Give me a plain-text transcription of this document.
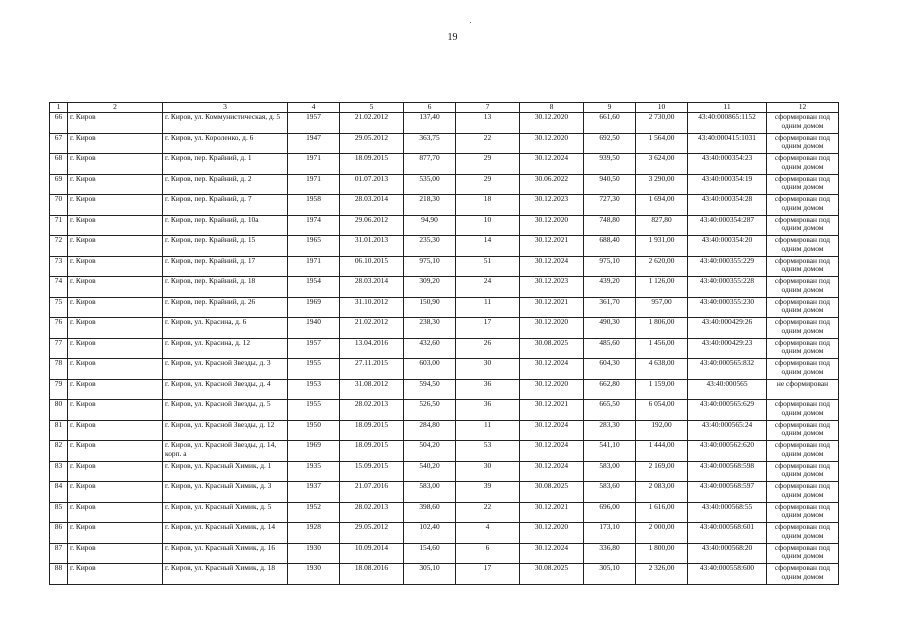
19
1	2	3	4	5	6	7	8	9	10	11	12
66	г. Киров	г. Киров, ул. Коммунистическая, д. 5	1957	21.02.2012	137,40	13	30.12.2020	661,60	2 730,00	43:40:000865:1152	сформирован под одним домом
67	г. Киров	г. Киров, ул. Короленко, д. 6	1947	29.05.2012	363,75	22	30.12.2020	692,50	1 564,00	43:40:000415:1031	сформирован под одним домом
68	г. Киров	г. Киров, пер. Крайний, д. 1	1971	18.09.2015	877,70	29	30.12.2024	939,50	3 624,00	43:40:000354:23	сформирован под одним домом
69	г. Киров	г. Киров, пер. Крайний, д. 2	1971	01.07.2013	535,00	29	30.06.2022	940,50	3 290,00	43:40:000354:19	сформирован под одним домом
70	г. Киров	г. Киров, пер. Крайний, д. 7	1958	28.03.2014	218,30	18	30.12.2023	727,30	1 694,00	43:40:000354:28	сформирован под одним домом
71	г. Киров	г. Киров, пер. Крайний, д. 10а	1974	29.06.2012	94,90	10	30.12.2020	748,80	827,80	43:40:000354:287	сформирован под одним домом
72	г. Киров	г. Киров, пер. Крайний, д. 15	1965	31.01.2013	235,30	14	30.12.2021	688,40	1 931,00	43:40:000354:20	сформирован под одним домом
73	г. Киров	г. Киров, пер. Крайний, д. 17	1971	06.10.2015	975,10	51	30.12.2024	975,10	2 620,00	43:40:000355:229	сформирован под одним домом
74	г. Киров	г. Киров, пер. Крайний, д. 18	1954	28.03.2014	309,20	24	30.12.2023	439,20	1 126,00	43:40:000355:228	сформирован под одним домом
75	г. Киров	г. Киров, пер. Крайний, д. 26	1969	31.10.2012	150,90	11	30.12.2021	361,70	957,00	43:40:000355:230	сформирован под одним домом
76	г. Киров	г. Киров, ул. Красина, д. 6	1940	21.02.2012	238,30	17	30.12.2020	490,30	1 806,00	43:40:000429:26	сформирован под одним домом
77	г. Киров	г. Киров, ул. Красина, д. 12	1957	13.04.2016	432,60	26	30.08.2025	485,60	1 456,00	43:40:000429:23	сформирован под одним домом
78	г. Киров	г. Киров, ул. Красной Звезды, д. 3	1955	27.11.2015	603,00	30	30.12.2024	604,30	4 638,00	43:40:000565:832	сформирован под одним домом
79	г. Киров	г. Киров, ул. Красной Звезды, д. 4	1953	31.08.2012	594,50	36	30.12.2020	662,80	1 159,00	43:40:000565	не сформирован
80	г. Киров	г. Киров, ул. Красной Звезды, д. 5	1955	28.02.2013	526,50	36	30.12.2021	665,50	6 054,00	43:40:000565:629	сформирован под одним домом
81	г. Киров	г. Киров, ул. Красной Звезды, д. 12	1950	18.09.2015	284,80	11	30.12.2024	283,30	192,00	43:40:000565:24	сформирован под одним домом
82	г. Киров	г. Киров, ул. Красной Звезды, д. 14, корп. а	1969	18.09.2015	504,20	53	30.12.2024	541,10	1 444,00	43:40:000562:620	сформирован под одним домом
83	г. Киров	г. Киров, ул. Красный Химик, д. 1	1935	15.09.2015	540,20	30	30.12.2024	583,00	2 169,00	43:40:000568:598	сформирован под одним домом
84	г. Киров	г. Киров, ул. Красный Химик, д. 3	1937	21.07.2016	583,00	39	30.08.2025	583,60	2 083,00	43:40:000568:597	сформирован под одним домом
85	г. Киров	г. Киров, ул. Красный Химик, д. 5	1952	28.02.2013	398,60	22	30.12.2021	696,00	1 616,00	43:40:000568:55	сформирован под одним домом
86	г. Киров	г. Киров, ул. Красный Химик, д. 14	1928	29.05.2012	102,40	4	30.12.2020	173,10	2 000,00	43:40:000568:601	сформирован под одним домом
87	г. Киров	г. Киров, ул. Красный Химик, д. 16	1930	10.09.2014	154,60	6	30.12.2024	336,80	1 800,00	43:40:000568:20	сформирован под одним домом
88	г. Киров	г. Киров, ул. Красный Химик, д. 18	1930	18.08.2016	305,10	17	30.08.2025	305,10	2 326,00	43:40:000558:600	сформирован под одним домом
